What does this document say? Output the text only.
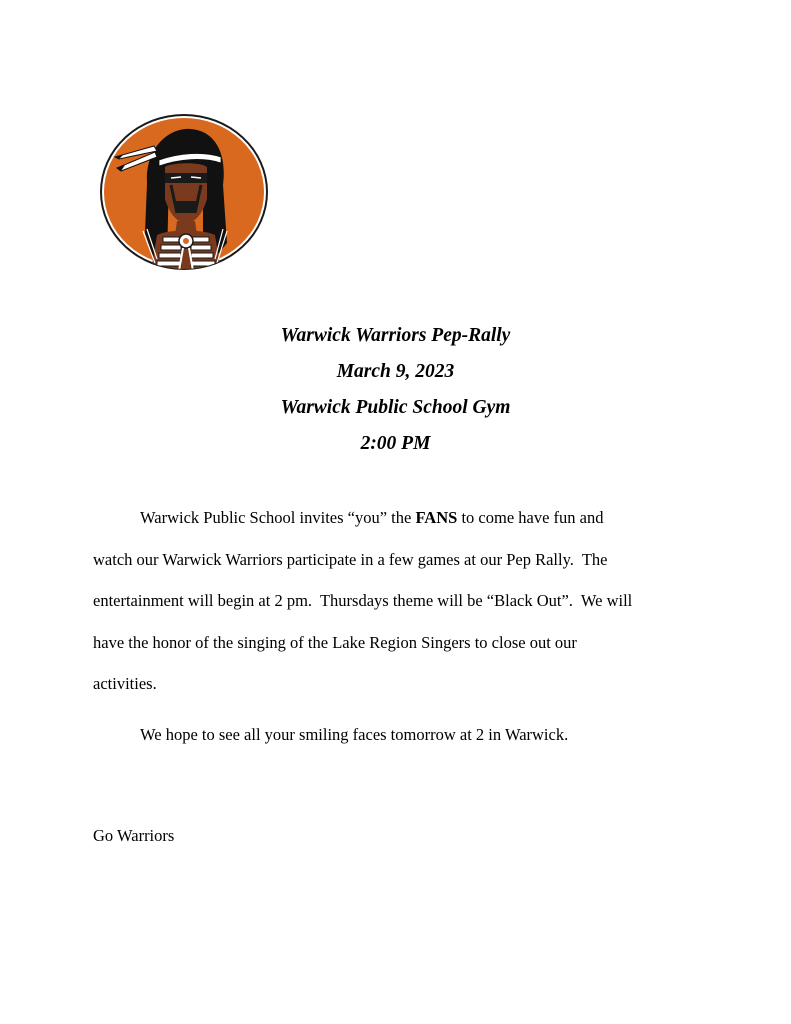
Warwick Warriors Pep-Rally
March 9, 2023
Warwick Public School Gym
2:00 PM

Warwick Public School invites “you” the FANS to come have fun and
watch our Warwick Warriors participate in a few games at our Pep Rally.  The
entertainment will begin at 2 pm.  Thursdays theme will be “Black Out”.  We will
have the honor of the singing of the Lake Region Singers to close out our
activities.

We hope to see all your smiling faces tomorrow at 2 in Warwick.

Go Warriors
